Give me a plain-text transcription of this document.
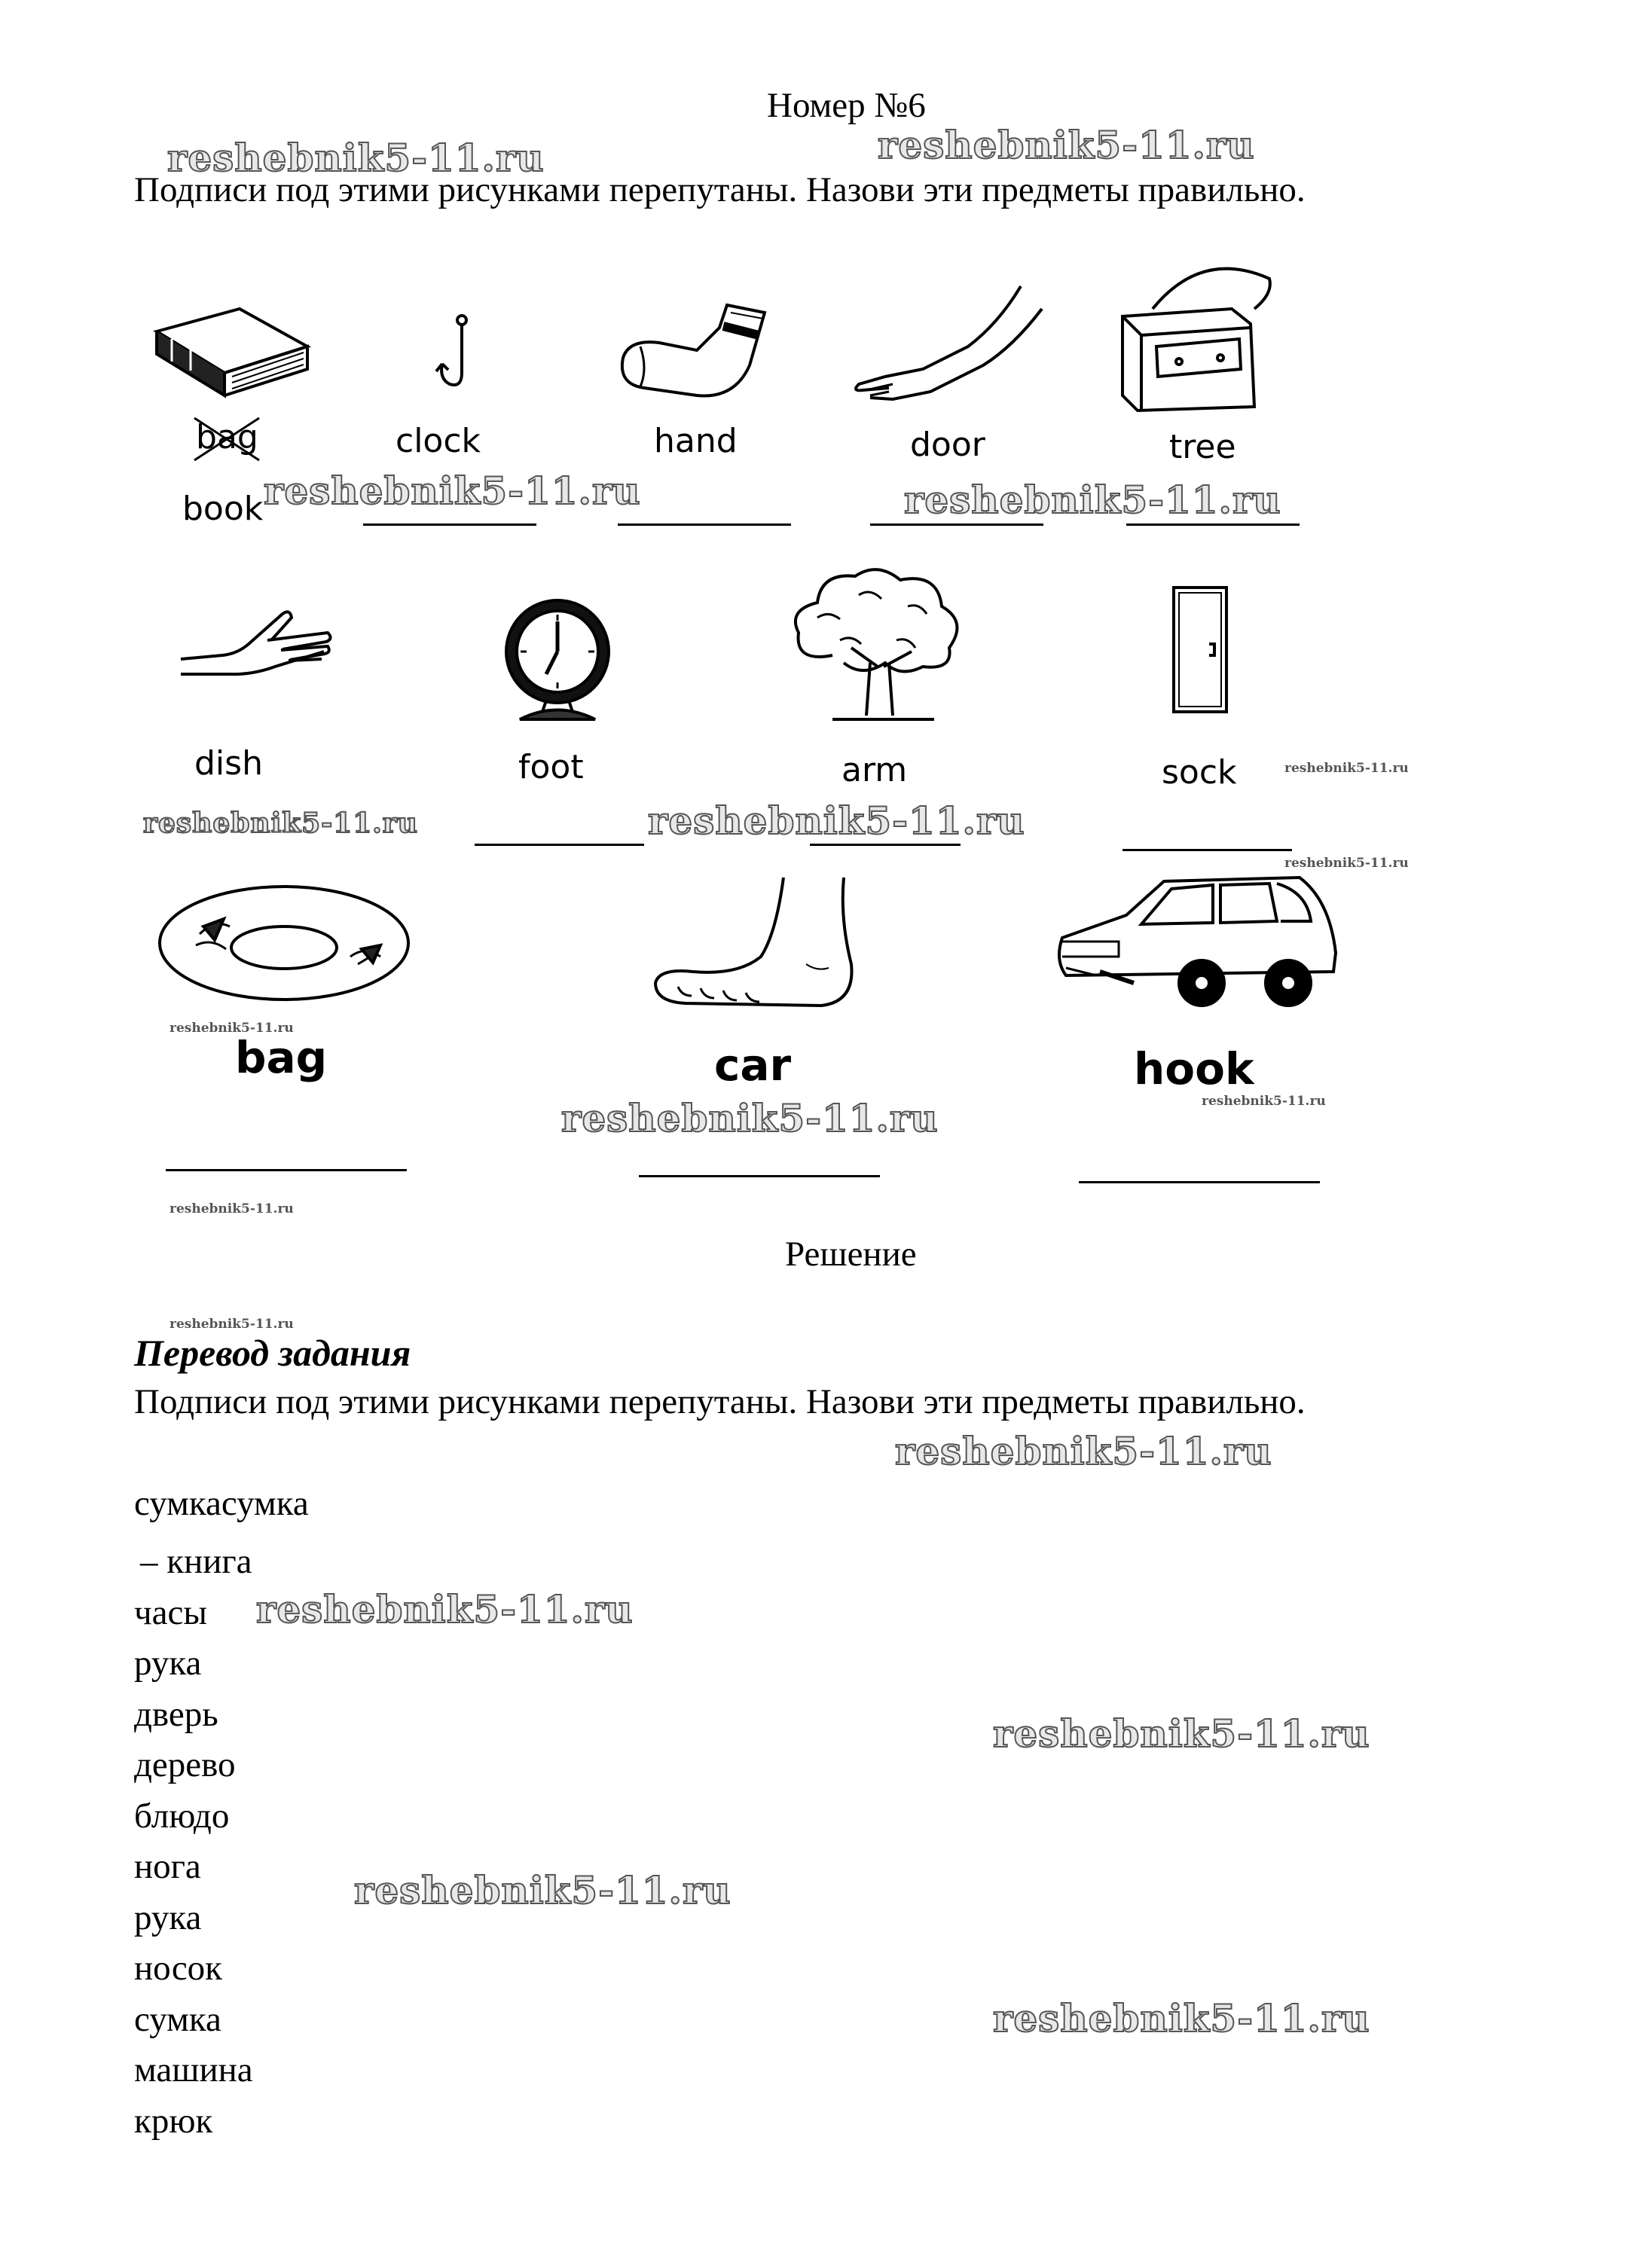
Номер №6
Подписи под этими рисунками перепутаны. Назови эти предметы правильно.
reshebnik5-11.ru	reshebnik5-11.ru
bag	clock	hand	door	tree
book reshebnik5-11.ru	reshebnik5-11.ru
dish	foot	arm	sock
reshebnik5-11.ru	reshebnik5-11.ru
reshebnik5-11.ru
reshebnik5-11.ru
bag	car	hook
reshebnik5-11.ru
reshebnik5-11.ru	reshebnik5-11.ru
reshebnik5-11.ru
Решение
reshebnik5-11.ru
Перевод задания
Подписи под этими рисунками перепутаны. Назови эти предметы правильно.
reshebnik5-11.ru
сумкасумка
– книга
часы
рука
дверь
дерево
блюдо
нога
рука
носок
сумка
машина
крюк
reshebnik5-11.ru
reshebnik5-11.ru
reshebnik5-11.ru
reshebnik5-11.ru
